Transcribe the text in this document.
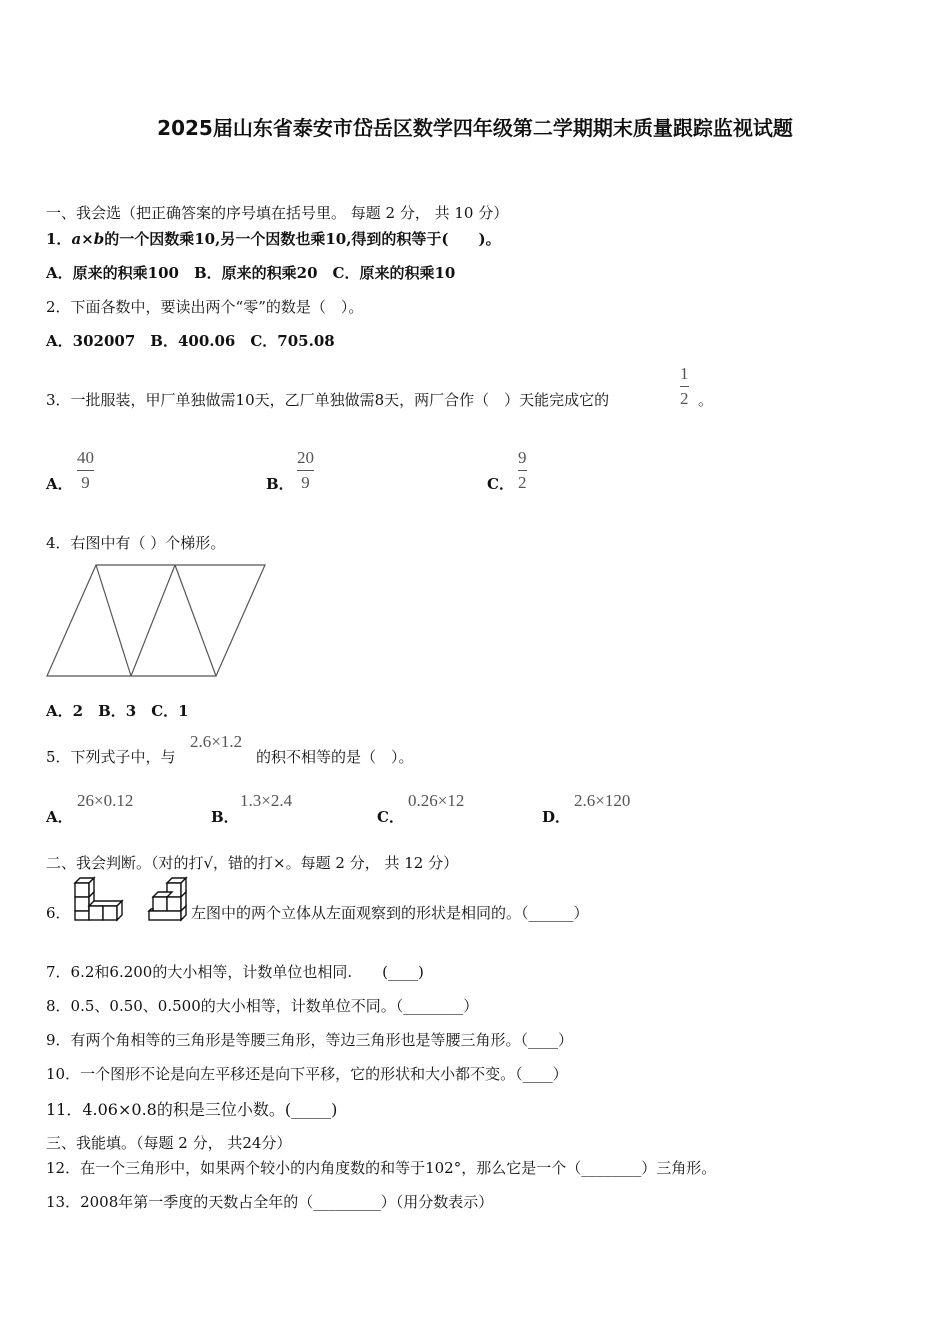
2025届山东省泰安市岱岳区数学四年级第二学期期末质量跟踪监视试题
一、我会选（把正确答案的序号填在括号里。 每题 2 分， 共 10 分）
1．a×b的一个因数乘10,另一个因数也乘10,得到的积等于(　　)。
A．原来的积乘100　B．原来的积乘20　C．原来的积乘10
2．下面各数中，要读出两个“零”的数是（　）。
A．302007　B．400.06　C．705.08
3．一批服装，甲厂单独做需10天，乙厂单独做需8天，两厂合作（　）天能完成它的
1
2 。
A．
40
9	B．
20
9	C．
9
2
4．右图中有（ ）个梯形。
A．2　B．3　C．1
5．下列式子中，与
2.6×1.2
的积不相等的是（　）。
A．
26×0.12
B．
1.3×2.4
C．
0.26×12
D．
2.6×120
二、我会判断。（对的打√，错的打×。每题 2 分， 共 12 分）
6．	左图中的两个立体从左面观察到的形状是相同的。（______）
7．6.2和6.200的大小相等，计数单位也相同.　　(____)
8．0.5、0.50、0.500的大小相等，计数单位不同。（________）
9．有两个角相等的三角形是等腰三角形，等边三角形也是等腰三角形。（____）
10．一个图形不论是向左平移还是向下平移，它的形状和大小都不变。（____）
11．4.06×0.8的积是三位小数。(_____)
三、我能填。（每题 2 分， 共24分）
12．在一个三角形中，如果两个较小的内角度数的和等于102°，那么它是一个（________）三角形。
13．2008年第一季度的天数占全年的（_________）（用分数表示）
